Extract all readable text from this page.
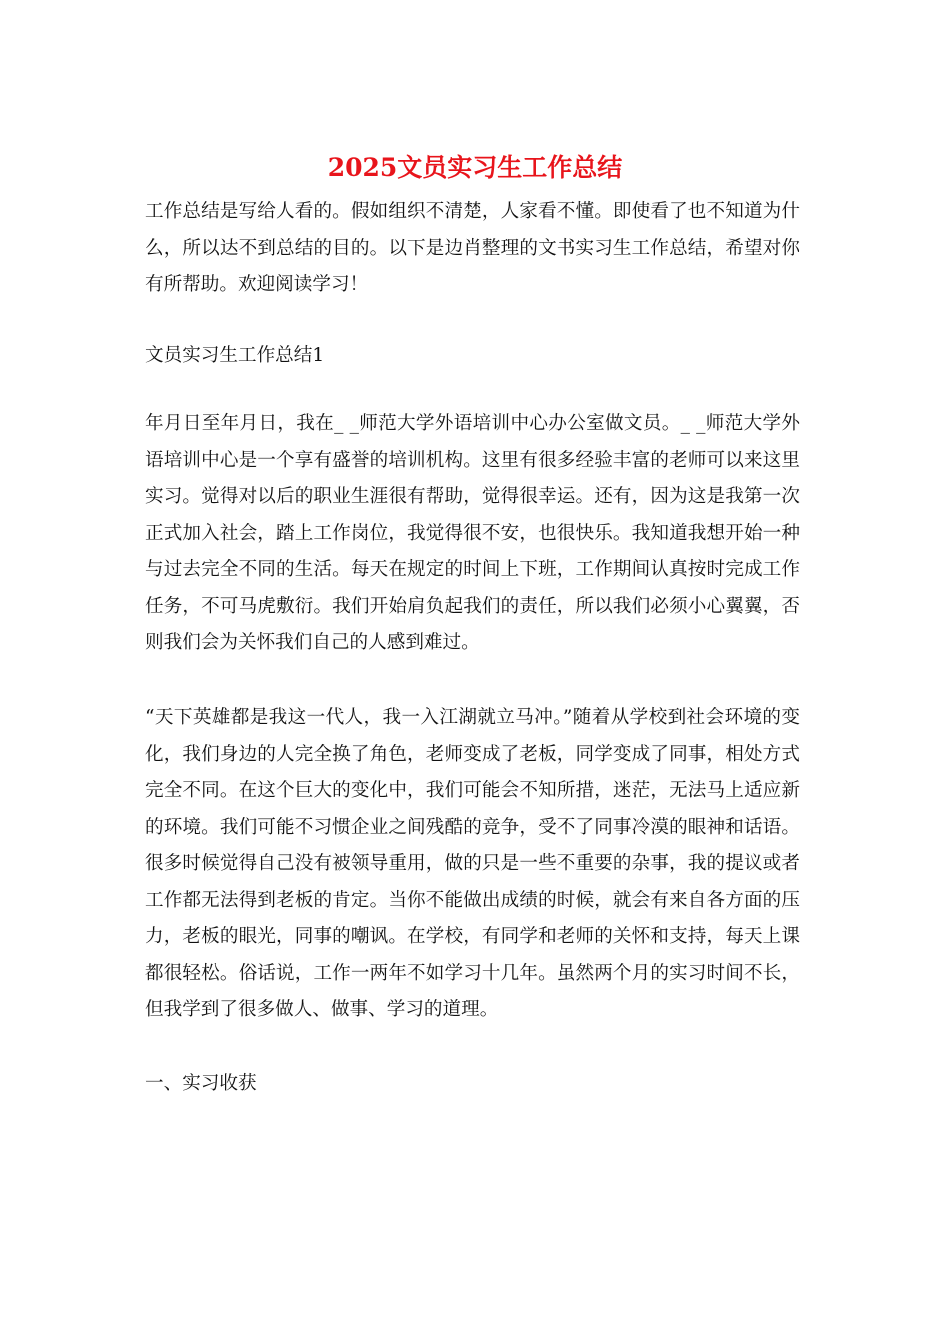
2025文员实习生工作总结

工作总结是写给人看的。假如组织不清楚，人家看不懂。即使看了也不知道为什么，所以达不到总结的目的。以下是边肖整理的文书实习生工作总结，希望对你有所帮助。欢迎阅读学习！

文员实习生工作总结1

年月日至年月日，我在_ _师范大学外语培训中心办公室做文员。_ _师范大学外语培训中心是一个享有盛誉的培训机构。这里有很多经验丰富的老师可以来这里实习。觉得对以后的职业生涯很有帮助，觉得很幸运。还有，因为这是我第一次正式加入社会，踏上工作岗位，我觉得很不安，也很快乐。我知道我想开始一种与过去完全不同的生活。每天在规定的时间上下班，工作期间认真按时完成工作任务，不可马虎敷衍。我们开始肩负起我们的责任，所以我们必须小心翼翼，否则我们会为关怀我们自己的人感到难过。

“天下英雄都是我这一代人，我一入江湖就立马冲。”随着从学校到社会环境的变化，我们身边的人完全换了角色，老师变成了老板，同学变成了同事，相处方式完全不同。在这个巨大的变化中，我们可能会不知所措，迷茫，无法马上适应新的环境。我们可能不习惯企业之间残酷的竞争，受不了同事冷漠的眼神和话语。很多时候觉得自己没有被领导重用，做的只是一些不重要的杂事，我的提议或者工作都无法得到老板的肯定。当你不能做出成绩的时候，就会有来自各方面的压力，老板的眼光，同事的嘲讽。在学校，有同学和老师的关怀和支持，每天上课都很轻松。俗话说，工作一两年不如学习十几年。虽然两个月的实习时间不长，但我学到了很多做人、做事、学习的道理。

一、实习收获
